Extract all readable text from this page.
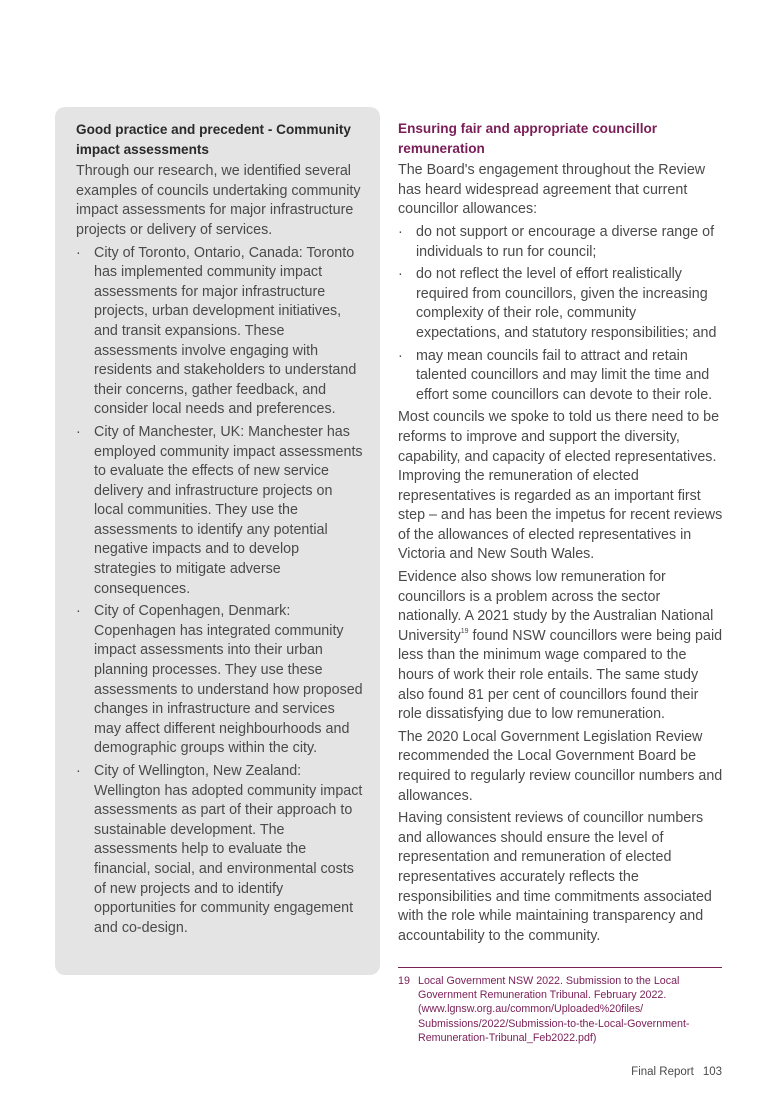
Good practice and precedent - Community impact assessments

Through our research, we identified several examples of councils undertaking community impact assessments for major infrastructure projects or delivery of services.

· City of Toronto, Ontario, Canada: Toronto has implemented community impact assessments for major infrastructure projects, urban development initiatives, and transit expansions. These assessments involve engaging with residents and stakeholders to understand their concerns, gather feedback, and consider local needs and preferences.
· City of Manchester, UK: Manchester has employed community impact assessments to evaluate the effects of new service delivery and infrastructure projects on local communities. They use the assessments to identify any potential negative impacts and to develop strategies to mitigate adverse consequences.
· City of Copenhagen, Denmark: Copenhagen has integrated community impact assessments into their urban planning processes. They use these assessments to understand how proposed changes in infrastructure and services may affect different neighbourhoods and demographic groups within the city.
· City of Wellington, New Zealand: Wellington has adopted community impact assessments as part of their approach to sustainable development. The assessments help to evaluate the financial, social, and environmental costs of new projects and to identify opportunities for community engagement and co-design.
Ensuring fair and appropriate councillor remuneration

The Board's engagement throughout the Review has heard widespread agreement that current councillor allowances:

· do not support or encourage a diverse range of individuals to run for council;
· do not reflect the level of effort realistically required from councillors, given the increasing complexity of their role, community expectations, and statutory responsibilities; and
· may mean councils fail to attract and retain talented councillors and may limit the time and effort some councillors can devote to their role.

Most councils we spoke to told us there need to be reforms to improve and support the diversity, capability, and capacity of elected representatives. Improving the remuneration of elected representatives is regarded as an important first step – and has been the impetus for recent reviews of the allowances of elected representatives in Victoria and New South Wales.

Evidence also shows low remuneration for councillors is a problem across the sector nationally. A 2021 study by the Australian National University$^{19}$ found NSW councillors were being paid less than the minimum wage compared to the hours of work their role entails. The same study also found 81 per cent of councillors found their role dissatisfying due to low remuneration.

The 2020 Local Government Legislation Review recommended the Local Government Board be required to regularly review councillor numbers and allowances.

Having consistent reviews of councillor numbers and allowances should ensure the level of representation and remuneration of elected representatives accurately reflects the responsibilities and time commitments associated with the role while maintaining transparency and accountability to the community.

19 Local Government NSW 2022. Submission to the Local Government Remuneration Tribunal. February 2022. (www.lgnsw.org.au/common/Uploaded%20files/ Submissions/2022/Submission-to-the-Local-Government-Remuneration-Tribunal_Feb2022.pdf)
Final Report 103
